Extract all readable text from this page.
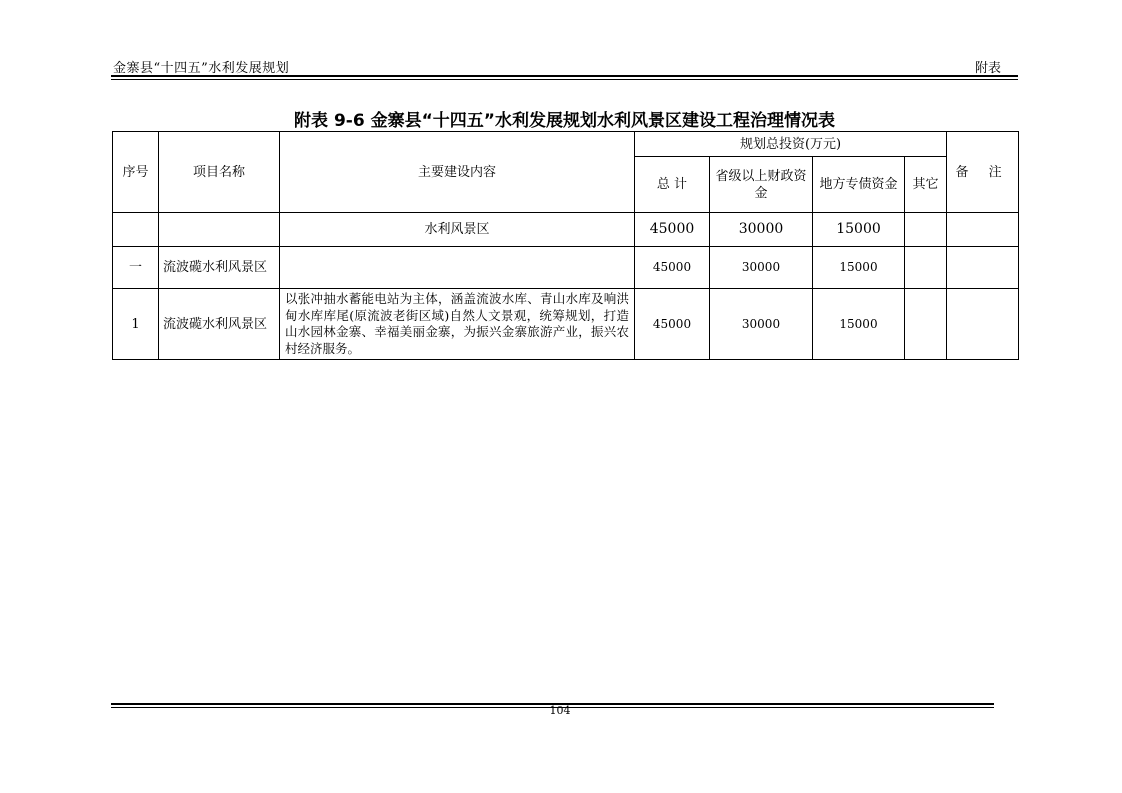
金寨县“十四五”水利发展规划	附表
附表 9-6 金寨县“十四五”水利发展规划水利风景区建设工程治理情况表
序号	项目名称	主要建设内容	规划总投资(万元)				备 注
			总 计	省级以上财政资金	地方专债资金	其它	
		水利风景区	45000	30000	15000		
一	流波𬒗水利风景区		45000	30000	15000		
1	流波𬒗水利风景区	以张冲抽水蓄能电站为主体，涵盖流波水库、青山水库及响洪甸水库库尾(原流波老街区域)自然人文景观，统筹规划，打造山水园林金寨、幸福美丽金寨，为振兴金寨旅游产业，振兴农村经济服务。	45000	30000	15000		
104
